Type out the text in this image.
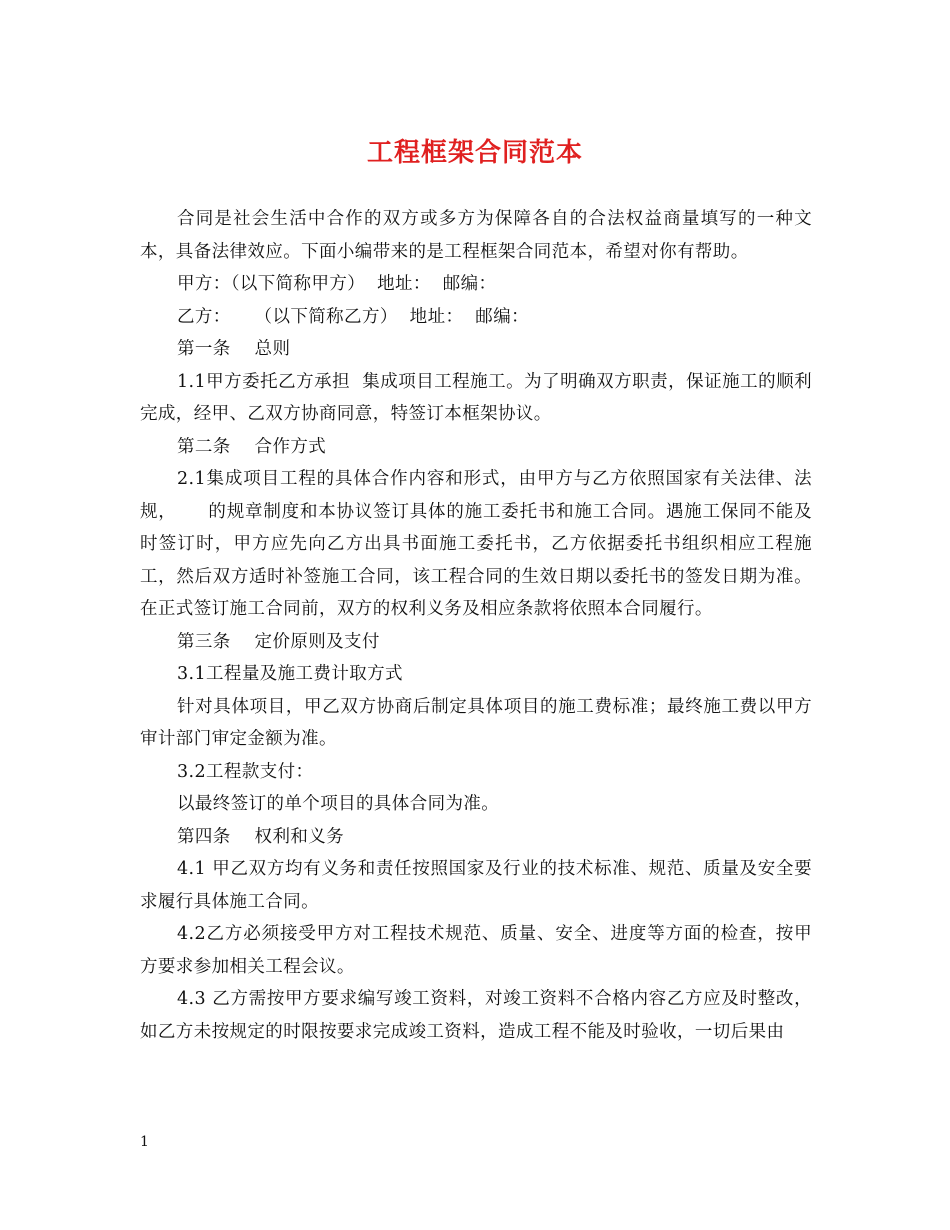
工程框架合同范本

合同是社会生活中合作的双方或多方为保障各自的合法权益商量填写的一种文本，具备法律效应。下面小编带来的是工程框架合同范本，希望对你有帮助。

甲方：（以下简称甲方）  地址：  邮编：

乙方：    （以下简称乙方）  地址：  邮编：

第一条    总则

1.1甲方委托乙方承担  集成项目工程施工。为了明确双方职责，保证施工的顺利完成，经甲、乙双方协商同意，特签订本框架协议。

第二条    合作方式

2.1集成项目工程的具体合作内容和形式，由甲方与乙方依照国家有关法律、法规，     的规章制度和本协议签订具体的施工委托书和施工合同。遇施工保同不能及时签订时，甲方应先向乙方出具书面施工委托书，乙方依据委托书组织相应工程施工，然后双方适时补签施工合同，该工程合同的生效日期以委托书的签发日期为准。在正式签订施工合同前，双方的权利义务及相应条款将依照本合同履行。

第三条    定价原则及支付

3.1工程量及施工费计取方式

针对具体项目，甲乙双方协商后制定具体项目的施工费标准；最终施工费以甲方审计部门审定金额为准。

3.2工程款支付：

以最终签订的单个项目的具体合同为准。

第四条    权利和义务

4.1 甲乙双方均有义务和责任按照国家及行业的技术标准、规范、质量及安全要求履行具体施工合同。

4.2乙方必须接受甲方对工程技术规范、质量、安全、进度等方面的检查，按甲方要求参加相关工程会议。

4.3 乙方需按甲方要求编写竣工资料，对竣工资料不合格内容乙方应及时整改，如乙方未按规定的时限按要求完成竣工资料，造成工程不能及时验收，一切后果由

1
